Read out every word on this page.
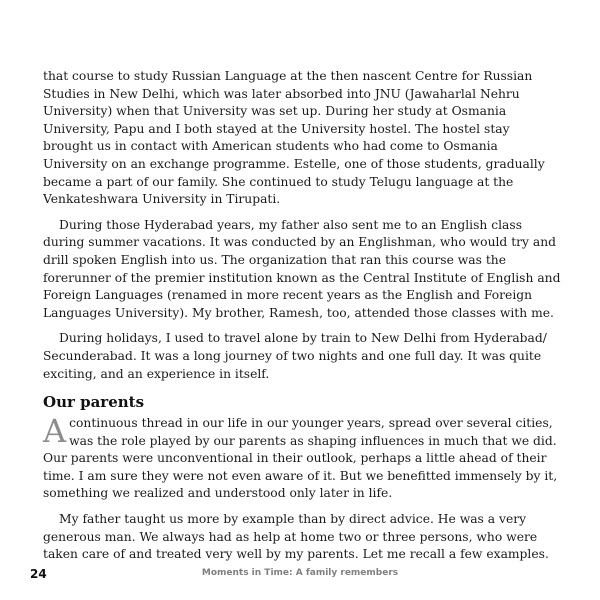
that course to study Russian Language at the then nascent Centre for Russian Studies in New Delhi, which was later absorbed into JNU (Jawaharlal Nehru University) when that University was set up. During her study at Osmania University, Papu and I both stayed at the University hostel. The hostel stay brought us in contact with American students who had come to Osmania University on an exchange programme. Estelle, one of those students, gradually became a part of our family. She continued to study Telugu language at the Venkateshwara University in Tirupati.

During those Hyderabad years, my father also sent me to an English class during summer vacations. It was conducted by an Englishman, who would try and drill spoken English into us. The organization that ran this course was the forerunner of the premier institution known as the Central Institute of English and Foreign Languages (renamed in more recent years as the English and Foreign Languages University). My brother, Ramesh, too, attended those classes with me.

During holidays, I used to travel alone by train to New Delhi from Hyderabad/ Secunderabad. It was a long journey of two nights and one full day. It was quite exciting, and an experience in itself.

Our parents

Acontinuous thread in our life in our younger years, spread over several cities, was the role played by our parents as shaping influences in much that we did. Our parents were unconventional in their outlook, perhaps a little ahead of their time. I am sure they were not even aware of it. But we benefitted immensely by it, something we realized and understood only later in life.

My father taught us more by example than by direct advice. He was a very generous man. We always had as help at home two or three persons, who were taken care of and treated very well by my parents. Let me recall a few examples.

24	Moments in Time: A family remembers
